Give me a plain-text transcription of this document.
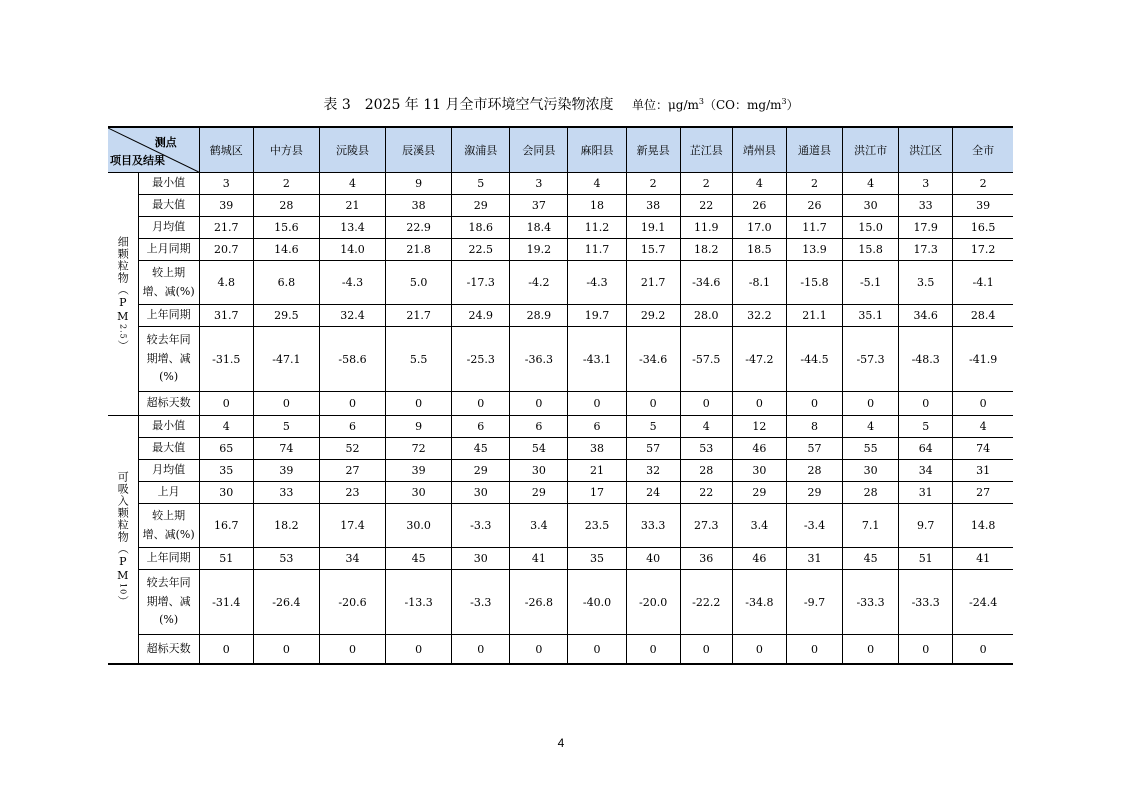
表 3　2025 年 11 月全市环境空气污染物浓度 单位：$\mu g/m^3(CO$：$mg/m^3$）
测点
项目及结果		鹤城区	中方县	沅陵县	辰溪县	溆浦县	会同县	麻阳县	新晃县	芷江县	靖州县	通道县	洪江市	洪江区	全市

细颗粒物（PM2.5）	最小值	3	2	4	9	5	3	4	2	2	4	2	4	3	2
	最大值	39	28	21	38	29	37	18	38	22	26	26	30	33	39
	月均值	21.7	15.6	13.4	22.9	18.6	18.4	11.2	19.1	11.9	17.0	11.7	15.0	17.9	16.5
	上月同期	20.7	14.6	14.0	21.8	22.5	19.2	11.7	15.7	18.2	18.5	13.9	15.8	17.3	17.2

	较上期
增、减(%)	4.8	6.8	-4.3	5.0	-17.3	-4.2	-4.3	21.7	-34.6	-8.1	-15.8	-5.1	3.5	-4.1
	上年同期	31.7	29.5	32.4	21.7	24.9	28.9	19.7	29.2	28.0	32.2	21.1	35.1	34.6	28.4

	较去年同
期增、减
(%)	-31.5	-47.1	-58.6	5.5	-25.3	-36.3	-43.1	-34.6	-57.5	-47.2	-44.5	-57.3	-48.3	-41.9
	超标天数	0	0	0	0	0	0	0	0	0	0	0	0	0	0

可吸入颗粒物（PM10）	最小值	4	5	6	9	6	6	6	5	4	12	8	4	5	4
	最大值	65	74	52	72	45	54	38	57	53	46	57	55	64	74
	月均值	35	39	27	39	29	30	21	32	28	30	28	30	34	31
	上月	30	33	23	30	30	29	17	24	22	29	29	28	31	27

	较上期
增、减(%)	16.7	18.2	17.4	30.0	-3.3	3.4	23.5	33.3	27.3	3.4	-3.4	7.1	9.7	14.8
	上年同期	51	53	34	45	30	41	35	40	36	46	31	45	51	41

	较去年同
期增、减
(%)	-31.4	-26.4	-20.6	-13.3	-3.3	-26.8	-40.0	-20.0	-22.2	-34.8	-9.7	-33.3	-33.3	-24.4
	超标天数	0	0	0	0	0	0	0	0	0	0	0	0	0	0
4
